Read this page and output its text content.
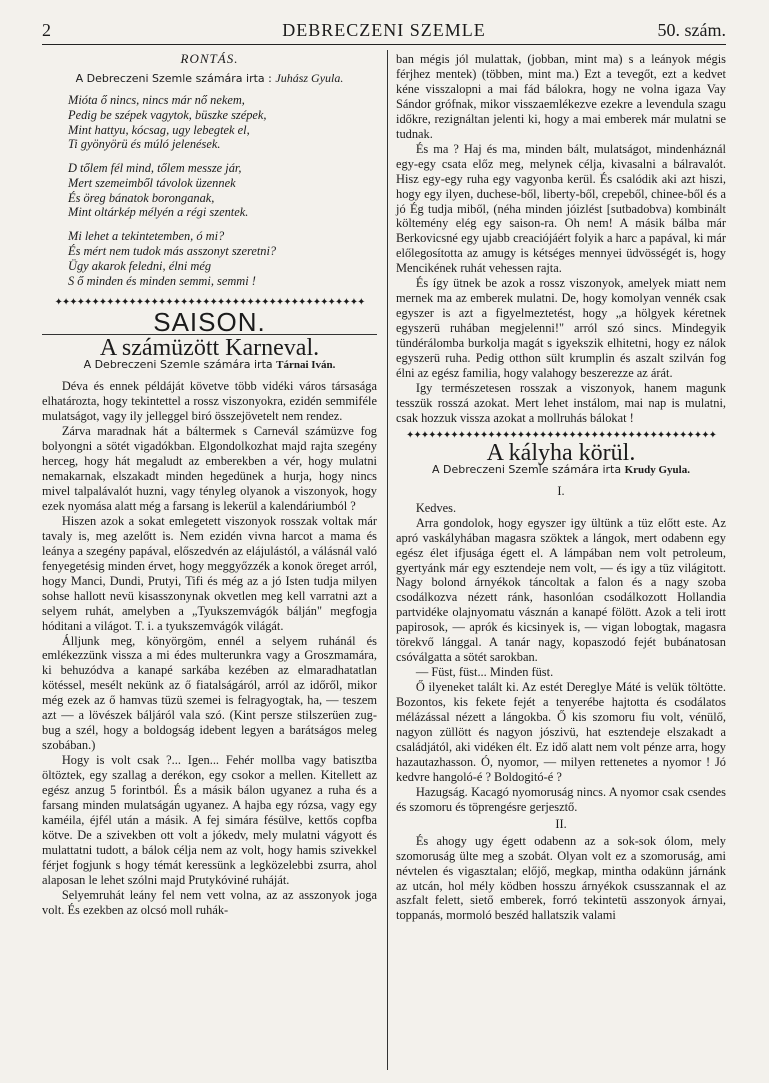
2	DEBRECZENI SZEMLE	50. szám.
RONTÁS.
A Debreczeni Szemle számára irta : Juhász Gyula.
Mióta ő nincs, nincs már nő nekem,
Pedig be szépek vagytok, büszke szépek,
Mint hattyu, kócsag, ugy lebegtek el,
Ti gyönyörü és múló jelenések.
D tőlem fél mind, tőlem messze jár,
Mert szemeimből távolok üzennek
És öreg bánatok boronganak,
Mint oltárkép mélyén a régi szentek.
Mi lehet a tekintetemben, ó mi?
És mért nem tudok más asszonyt szeretni?
Ügy akarok feledni, élni még
S ő minden és minden semmi, semmi !
✦✦✦✦✦✦✦✦✦✦✦✦✦✦✦✦✦✦✦✦✦✦✦✦✦✦✦✦✦✦✦✦✦✦✦✦✦✦✦✦✦✦
SAISON.
A számüzött Karneval.
A Debreczeni Szemle számára irta Tárnai Iván.

Déva és ennek példáját követve több vidéki város társasága elhatározta, hogy tekintettel a rossz viszonyokra, ezidén semmiféle mulatságot, vagy ily jelleggel biró összejövetelt nem rendez.

Zárva maradnak hát a báltermek s Carnevál számüzve fog bolyongni a sötét vigadókban. Elgondolkozhat majd rajta szegény herceg, hogy hát megaludt az emberekben a vér, hogy mulatni nemakarnak, elszakadt minden hegedünek a hurja, hogy nincs mivel talpalávalót huzni, vagy tényleg olyanok a viszonyok, hogy ezek nyomása alatt még a farsang is lekerül a kalendáriumból ?

Hiszen azok a sokat emlegetett viszonyok rosszak voltak már tavaly is, meg azelőtt is. Nem ezidén vivna harcot a mama és leánya a szegény papával, előszedvén az elájulástól, a válásnál való fenyegetésig minden érvet, hogy meggyőzzék a konok öreget arról, hogy Manci, Dundi, Prutyi, Tifi és még az a jó Isten tudja milyen sohse hallott nevü kisasszonynak okvetlen meg kell varratni azt a selyem ruhát, amelyben a „Tyukszemvágók bálján" megfogja hóditani a világot. T. i. a tyukszemvágók világát.

Álljunk meg, könyörgöm, ennél a selyem ruhánál és emlékezzünk vissza a mi édes multerunkra vagy a Groszmamára, ki behuzódva a kanapé sarkába kezében az elmaradhatatlan kötéssel, mesélt nekünk az ő fiatalságáról, arról az időről, mikor még ezek az ő hamvas tüzü szemei is felragyogtak, ha, — teszem azt — a lövészek báljáról vala szó. (Kint persze stilszerüen zug-bug a szél, hogy a boldogság idebent legyen a barátságos meleg szobában.)

Hogy is volt csak ?... Igen... Fehér mollba vagy batisztba öltöztek, egy szallag a derékon, egy csokor a mellen. Kitellett az egész anzug 5 forintból. És a másik bálon ugyanez a ruha és a farsang minden mulatságán ugyanez. A hajba egy rózsa, vagy egy kaméila, éjfél után a másik. A fej simára fésülve, kettős copfba kötve. De a szivekben ott volt a jókedv, mely mulatni vágyott és mulattatni tudott, a bálok célja nem az volt, hogy hamis szivekkel férjet fogjunk s hogy témát keressünk a legközelebbi zsurra, ahol alaposan le lehet szólni majd Prutykóviné ruháját.

Selyemruhát leány fel nem vett volna, az az asszonyok joga volt. És ezekben az olcsó moll ruhák-

ban mégis jól mulattak, (jobban, mint ma) s a leányok mégis férjhez mentek) (többen, mint ma.) Ezt a tevegőt, ezt a kedvet kéne visszalopni a mai fád bálokra, hogy ne volna igaza Vay Sándor grófnak, mikor visszaemlékezve ezekre a levendula szagu időkre, rezignáltan jelenti ki, hogy a mai emberek már mulatni se tudnak.

És ma ? Haj és ma, minden bált, mulatságot, mindenháznál egy-egy csata előz meg, melynek célja, kivasalni a bálravalót. Hisz egy-egy ruha egy vagyonba kerül. És csalódik aki azt hiszi, hogy egy ilyen, duchese-ből, liberty-ből, crepeből, chinee-ből és a jó Ég tudja miből, (néha minden jóizlést [sutbadobva) kombinált költemény elég egy saison-ra. Oh nem! A másik bálba már Berkovicsné egy ujabb creaciójáért folyik a harc a papával, ki már előlegosította az amugy is kétséges mennyei üdvösségét is, hogy Mencikének ruhát vehessen rajta.

És így ütnek be azok a rossz viszonyok, amelyek miatt nem mernek ma az emberek mulatni. De, hogy komolyan vennék csak egyszer is azt a figyelmeztetést, hogy „a hölgyek kéretnek egyszerü ruhában megjelenni!" arról szó sincs. Mindegyik tündérálomba burkolja magát s igyekszik elhitetni, hogy ez nálok egyszerü ruha. Pedig otthon sült krumplin és aszalt szilván fog élni az egész familia, hogy valahogy beszerezze az árát.

Igy természetesen rosszak a viszonyok, hanem magunk tesszük rosszá azokat. Mert lehet instálom, mai nap is mulatni, csak hozzuk vissza azokat a mollruhás bálokat !

✦✦✦✦✦✦✦✦✦✦✦✦✦✦✦✦✦✦✦✦✦✦✦✦✦✦✦✦✦✦✦✦✦✦✦✦✦✦✦✦✦✦
A kályha körül.
A Debreczeni Szemle számára irta Krudy Gyula.
I.

Kedves.

Arra gondolok, hogy egyszer igy ültünk a tüz előtt este. Az apró vaskályhában magasra szöktek a lángok, mert odabenn egy egész élet ifjusága égett el. A lámpában nem volt petroleum, gyertyánk már egy esztendeje nem volt, — és igy a tüz világitott. Nagy bolond árnyékok táncoltak a falon és a nagy szoba csodálkozva nézett ránk, hasonlóan csodálkozott Hollandia partvidéke olajnyomatu vásznán a kanapé fölött. Azok a teli irott papirosok, — aprók és kicsinyek is, — vigan lobogtak, magasra törekvő lánggal. A tanár nagy, kopaszodó fejét bubánatosan csóválgatta a sötét sarokban.

— Füst, füst... Minden füst.

Ő ilyeneket talált ki. Az estét Dereglye Máté is velük töltötte. Bozontos, kis fekete fejét a tenyerébe hajtotta és csodálatos mélázással nézett a lángokba. Ő kis szomoru fiu volt, vénülő, nagyon züllött és nagyon jószivü, hat esztendeje elszakadt a családjától, aki vidéken élt. Ez idő alatt nem volt pénze arra, hogy hazautazhasson. Ó, nyomor, — milyen rettenetes a nyomor ! Jó kedvre hangoló-é ? Boldogitó-é ?

Hazugság. Kacagó nyomoruság nincs. A nyomor csak csendes és szomoru és töprengésre gerjesztő.

II.

És ahogy ugy égett odabenn az a sok-sok ólom, mely szomoruság ülte meg a szobát. Olyan volt ez a szomoruság, ami névtelen és vigasztalan; előjő, megkap, mintha odakünn járnánk az utcán, hol mély ködben hosszu árnyékok csusszannak el az aszfalt felett, siető emberek, forró tekintetü asszonyok árnyai, toppanás, mormoló beszéd hallatszik valami
